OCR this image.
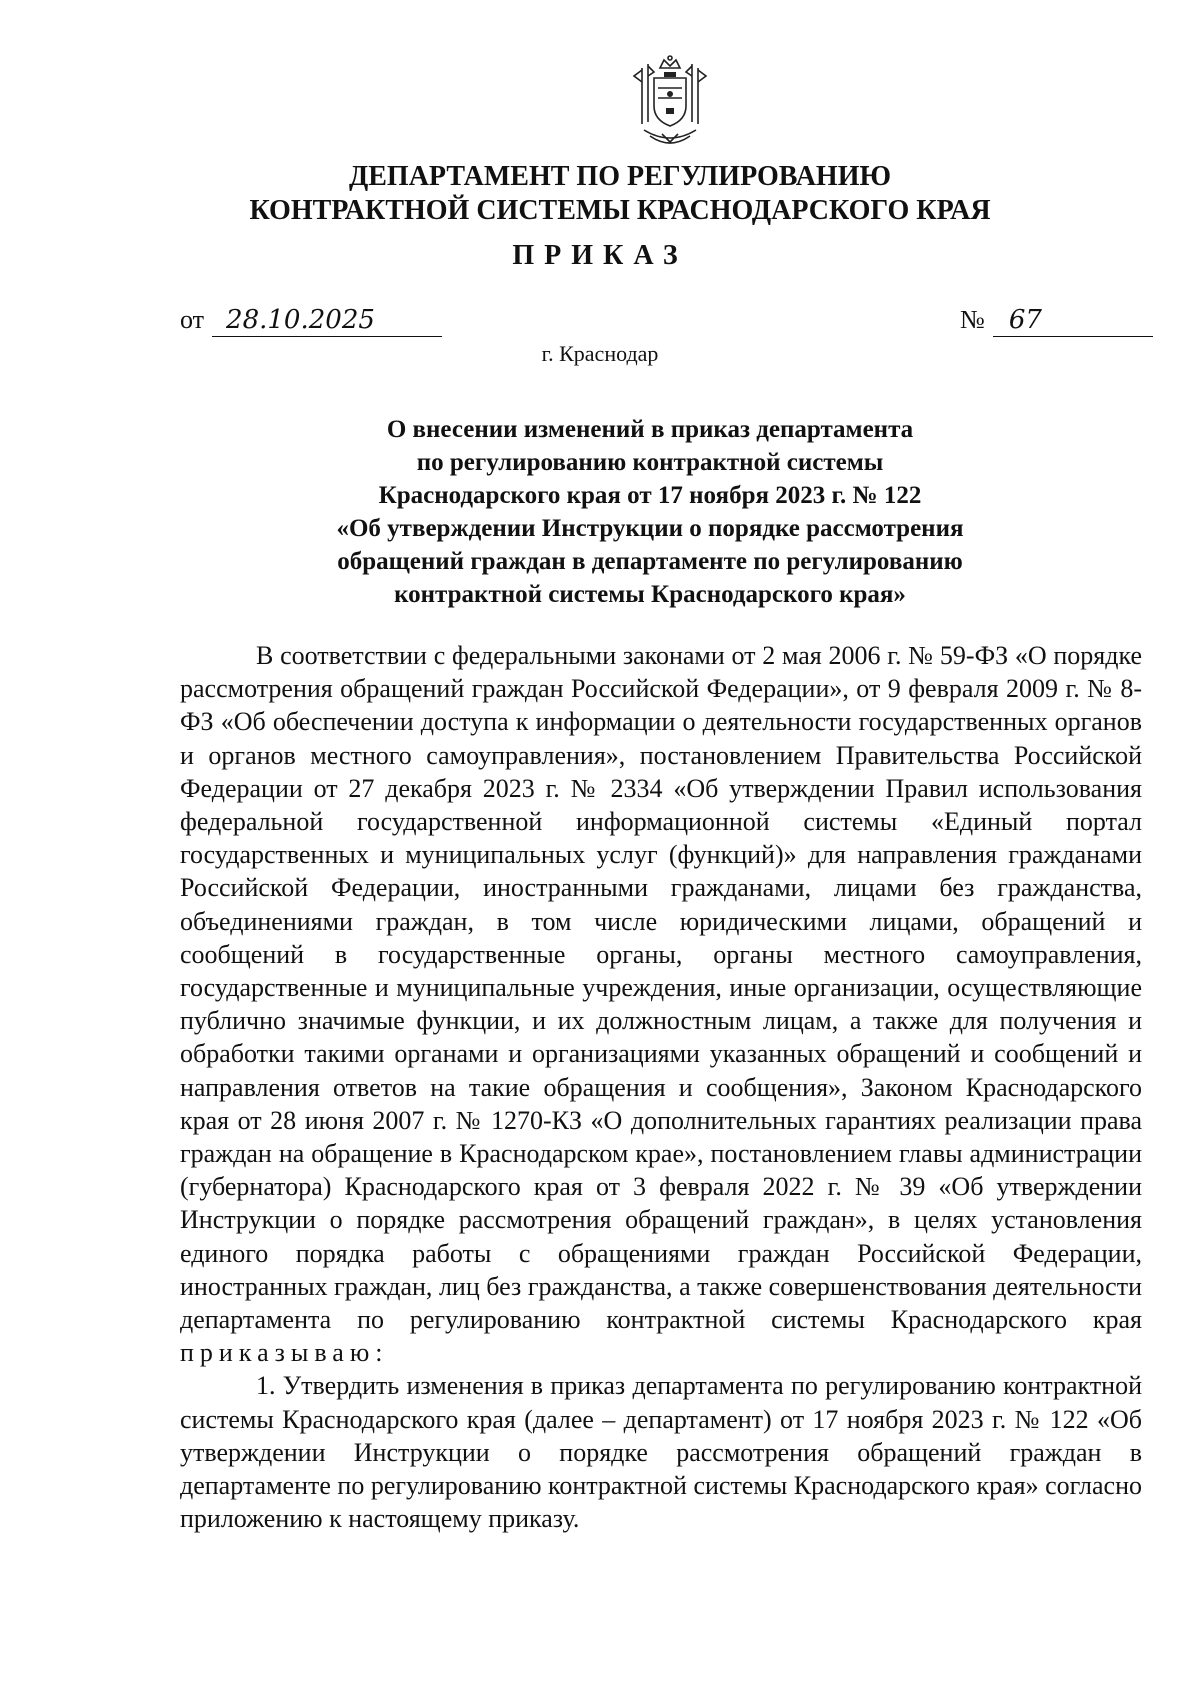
ДЕПАРТАМЕНТ ПО РЕГУЛИРОВАНИЮ
КОНТРАКТНОЙ СИСТЕМЫ КРАСНОДАРСКОГО КРАЯ
ПРИКАЗ
от 28.10.2025	№ 67
г. Краснодар
О внесении изменений в приказ департамента
по регулированию контрактной системы
Краснодарского края от 17 ноября 2023 г. № 122
«Об утверждении Инструкции о порядке рассмотрения
обращений граждан в департаменте по регулированию
контрактной системы Краснодарского края»

В соответствии с федеральными законами от 2 мая 2006 г. № 59-ФЗ «О порядке рассмотрения обращений граждан Российской Федерации», от 9 февраля 2009 г. № 8-ФЗ «Об обеспечении доступа к информации о деятельности государственных органов и органов местного самоуправления», постановлением Правительства Российской Федерации от 27 декабря 2023 г. № 2334 «Об утверждении Правил использования федеральной государственной информационной системы «Единый портал государственных и муниципальных услуг (функций)» для направления гражданами Российской Федерации, иностранными гражданами, лицами без гражданства, объединениями граждан, в том числе юридическими лицами, обращений и сообщений в государственные органы, органы местного самоуправления, государственные и муниципальные учреждения, иные организации, осуществляющие публично значимые функции, и их должностным лицам, а также для получения и обработки такими органами и организациями указанных обращений и сообщений и направления ответов на такие обращения и сообщения», Законом Краснодарского края от 28 июня 2007 г. № 1270-КЗ «О дополнительных гарантиях реализации права граждан на обращение в Краснодарском крае», постановлением главы администрации (губернатора) Краснодарского края от 3 февраля 2022 г. № 39 «Об утверждении Инструкции о порядке рассмотрения обращений граждан», в целях установления единого порядка работы с обращениями граждан Российской Федерации, иностранных граждан, лиц без гражданства, а также совершенствования деятельности департамента по регулированию контрактной системы Краснодарского края приказываю:

1. Утвердить изменения в приказ департамента по регулированию контрактной системы Краснодарского края (далее – департамент) от 17 ноября 2023 г. № 122 «Об утверждении Инструкции о порядке рассмотрения обращений граждан в департаменте по регулированию контрактной системы Краснодарского края» согласно приложению к настоящему приказу.
